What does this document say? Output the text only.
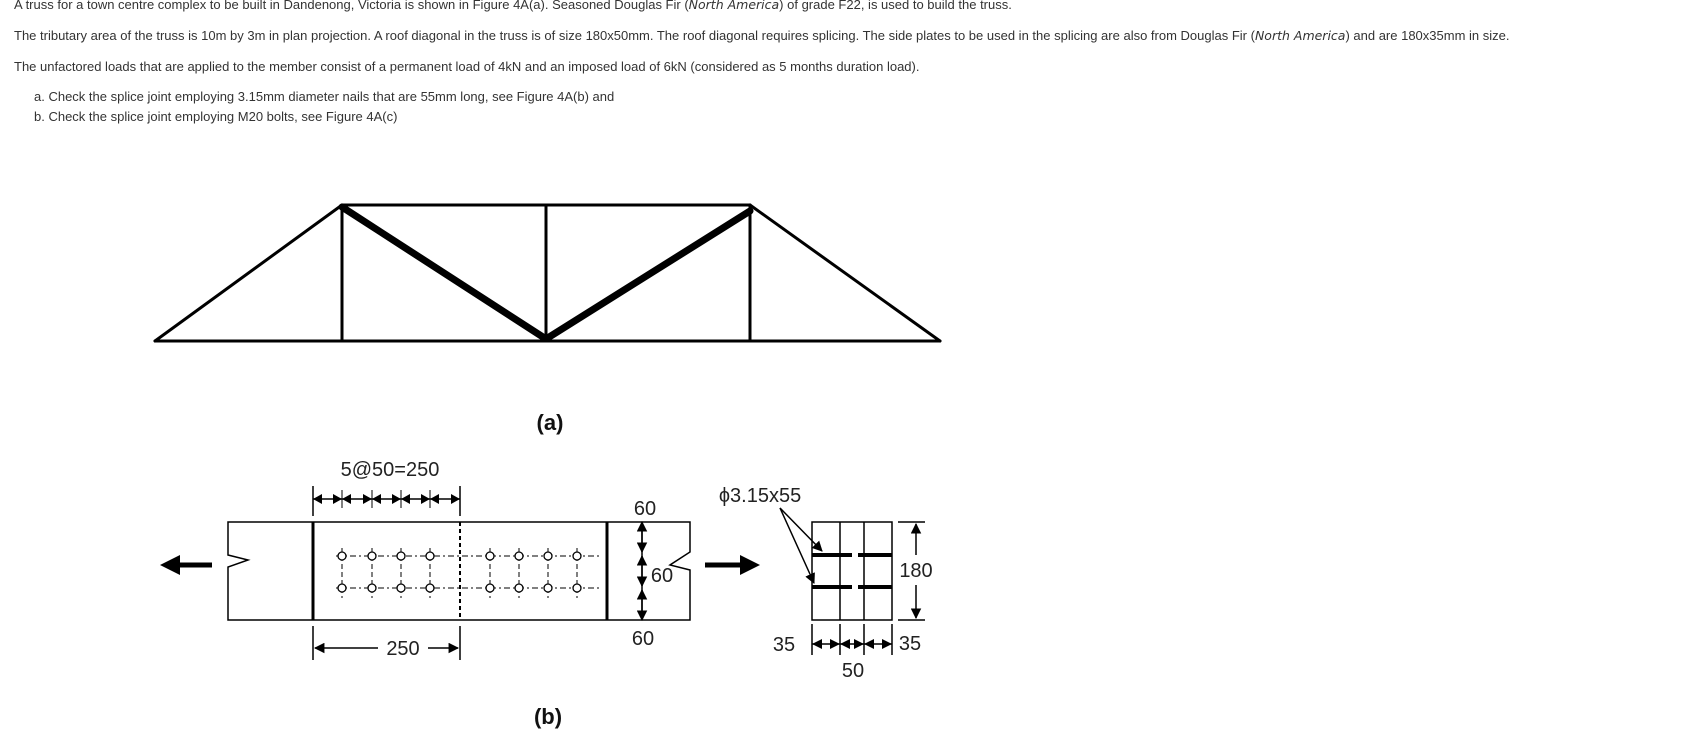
A truss for a town centre complex to be built in Dandenong, Victoria is shown in Figure 4A(a). Seasoned Douglas Fir (North America) of grade F22, is used to build the truss.
The tributary area of the truss is 10m by 3m in plan projection. A roof diagonal in the truss is of size 180x50mm. The roof diagonal requires splicing. The side plates to be used in the splicing are also from Douglas Fir (North America) and are 180x35mm in size.
The unfactored loads that are applied to the member consist of a permanent load of 4kN and an imposed load of 6kN (considered as 5 months duration load).
a. Check the splice joint employing 3.15mm diameter nails that are 55mm long, see Figure 4A(b) and
b. Check the splice joint employing M20 bolts, see Figure 4A(c)
(a)
5@50=250
250
60
60
60
ϕ3.15x55
180
35	35
50
(b)
